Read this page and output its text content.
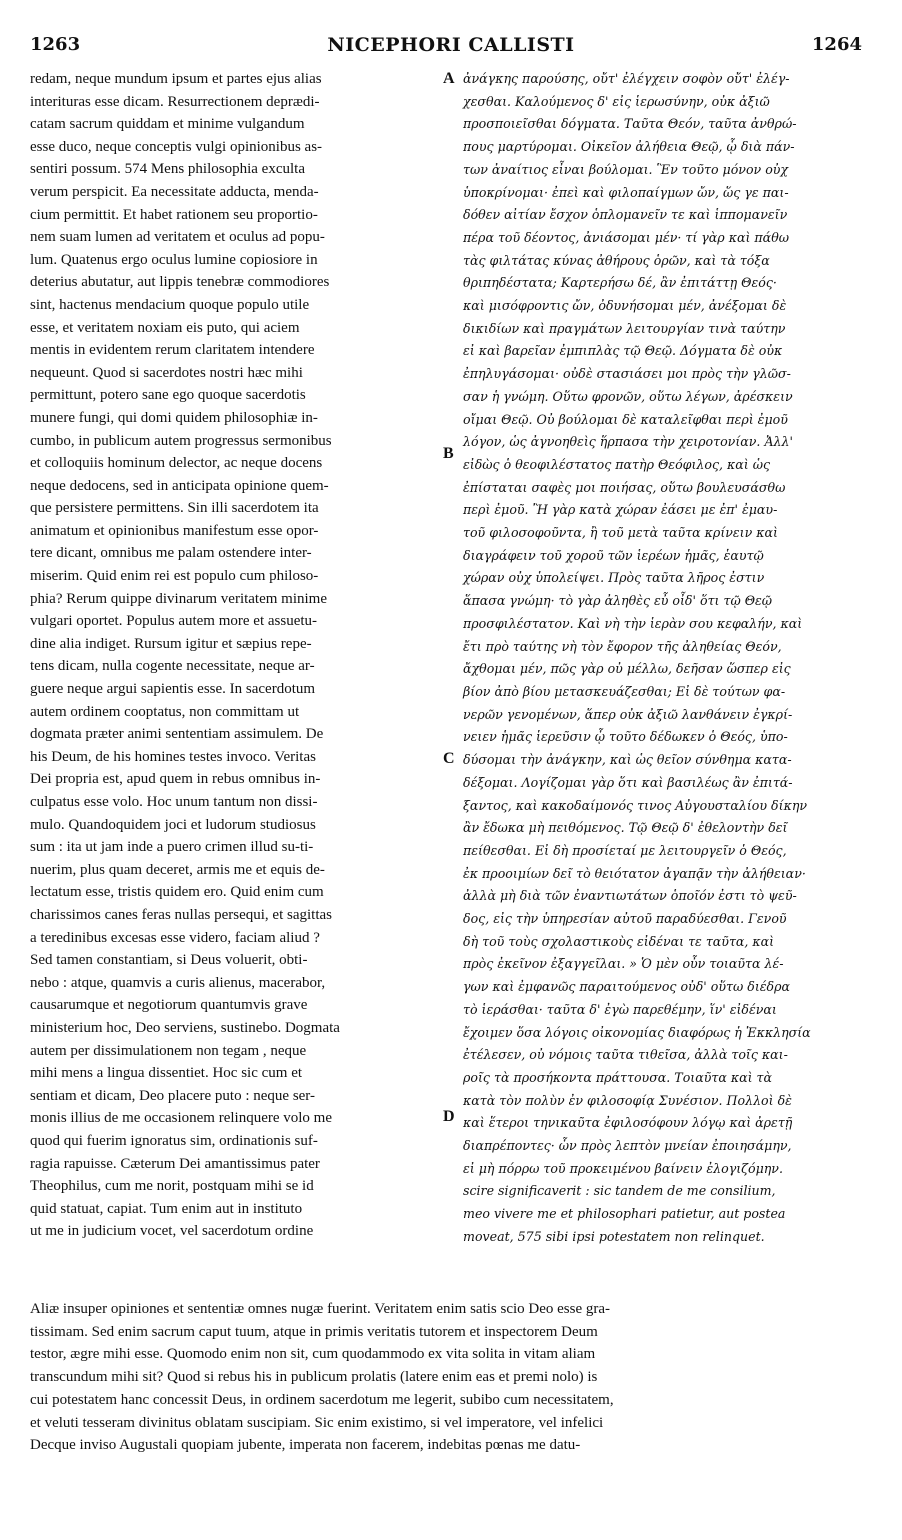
1263	NICEPHORI CALLISTI	1264
redam, neque mundum ipsum et partes ejus alias
interituras esse dicam. Resurrectionem deprædi-
catam sacrum quiddam et minime vulgandum
esse duco, neque conceptis vulgi opinionibus as-
sentiri possum. 574 Mens philosophia exculta
verum perspicit. Ea necessitate adducta, menda-
cium permittit. Et habet rationem seu proportio-
nem suam lumen ad veritatem et oculus ad popu-
lum. Quatenus ergo oculus lumine copiosiore in
deterius abutatur, aut lippis tenebræ commodiores
sint, hactenus mendacium quoque populo utile
esse, et veritatem noxiam eis puto, qui aciem
mentis in evidentem rerum claritatem intendere
nequeunt. Quod si sacerdotes nostri hæc mihi
permittunt, potero sane ego quoque sacerdotis
munere fungi, qui domi quidem philosophiæ in-
cumbo, in publicum autem progressus sermonibus
et colloquiis hominum delector, ac neque docens
neque dedocens, sed in anticipata opinione quem-
que persistere permittens. Sin illi sacerdotem ita
animatum et opinionibus manifestum esse opor-
tere dicant, omnibus me palam ostendere inter-
miserim. Quid enim rei est populo cum philoso-
phia? Rerum quippe divinarum veritatem minime
vulgari oportet. Populus autem more et assuetu-
dine alia indiget. Rursum igitur et sæpius repe-
tens dicam, nulla cogente necessitate, neque ar-
guere neque argui sapientis esse. In sacerdotum
autem ordinem cooptatus, non committam ut
dogmata præter animi sententiam assimulem. De
his Deum, de his homines testes invoco. Veritas
Dei propria est, apud quem in rebus omnibus in-
culpatus esse volo. Hoc unum tantum non dissi-
mulo. Quandoquidem joci et ludorum studiosus
sum : ita ut jam inde a puero crimen illud su-ti-
nuerim, plus quam deceret, armis me et equis de-
lectatum esse, tristis quidem ero. Quid enim cum
charissimos canes feras nullas persequi, et sagittas
a teredinibus excesas esse videro, faciam aliud ?
Sed tamen constantiam, si Deus voluerit, obti-
nebo : atque, quamvis a curis alienus, macerabor,
causarumque et negotiorum quantumvis grave
ministerium hoc, Deo serviens, sustinebo. Dogmata
autem per dissimulationem non tegam , neque
mihi mens a lingua dissentiet. Hoc sic cum et
sentiam et dicam, Deo placere puto : neque ser-
monis illius de me occasionem relinquere volo me
quod qui fuerim ignoratus sim, ordinationis suf-
ragia rapuisse. Cæterum Dei amantissimus pater
Theophilus, cum me norit, postquam mihi se id
quid statuat, capiat. Tum enim aut in instituto
ut me in judicium vocet, vel sacerdotum ordine
ἀνάγκης παρούσης, οὔτ' ἐλέγχειν σοφὸν οὔτ' ἐλέγ-
χεσθαι. Καλούμενος δ' εἰς ἱερωσύνην, οὐκ ἀξιῶ
προσποιεῖσθαι δόγματα. Ταῦτα Θεόν, ταῦτα ἀνθρώ-
πους μαρτύρομαι. Οἰκεῖον ἀλήθεια Θεῷ, ᾧ διὰ πάν-
των ἀναίτιος εἶναι βούλομαι. Ἓν τοῦτο μόνον οὐχ
ὑποκρίνομαι· ἐπεὶ καὶ φιλοπαίγμων ὤν, ὥς γε παι-
δόθεν αἰτίαν ἔσχον ὁπλομανεῖν τε καὶ ἱππομανεῖν
πέρα τοῦ δέοντος, ἀνιάσομαι μέν· τί γὰρ καὶ πάθω
τὰς φιλτάτας κύνας ἀθήρους ὁρῶν, καὶ τὰ τόξα
θριπηδέστατα; Καρτερήσω δέ, ἂν ἐπιτάττῃ Θεός·
καὶ μισόφροντις ὤν, ὀδυνήσομαι μέν, ἀνέξομαι δὲ
δικιδίων καὶ πραγμάτων λειτουργίαν τινὰ ταύτην
εἰ καὶ βαρεῖαν ἐμπιπλὰς τῷ Θεῷ. Δόγματα δὲ οὐκ
ἐπηλυγάσομαι· οὐδὲ στασιάσει μοι πρὸς τὴν γλῶσ-
σαν ἡ γνώμη. Οὕτω φρονῶν, οὕτω λέγων, ἀρέσκειν
οἴμαι Θεῷ. Οὐ βούλομαι δὲ καταλεῖφθαι περὶ ἐμοῦ
λόγον, ὡς ἀγνοηθεὶς ἥρπασα τὴν χειροτονίαν. Ἀλλ'
εἰδὼς ὁ θεοφιλέστατος πατὴρ Θεόφιλος, καὶ ὡς
ἐπίσταται σαφὲς μοι ποιήσας, οὕτω βουλευσάσθω
περὶ ἐμοῦ. Ἢ γὰρ κατὰ χώραν ἐάσει με ἐπ' ἐμαυ-
τοῦ φιλοσοφοῦντα, ἢ τοῦ μετὰ ταῦτα κρίνειν καὶ
διαγράφειν τοῦ χοροῦ τῶν ἱερέων ἡμᾶς, ἑαυτῷ
χώραν οὐχ ὑπολείψει. Πρὸς ταῦτα λῆρος ἐστιν
ἅπασα γνώμη· τὸ γὰρ ἀληθὲς εὖ οἶδ' ὅτι τῷ Θεῷ
προσφιλέστατον. Καὶ νὴ τὴν ἱερὰν σου κεφαλήν, καὶ
ἔτι πρὸ ταύτης νὴ τὸν ἔφορον τῆς ἀληθείας Θεόν,
ἄχθομαι μέν, πῶς γὰρ οὐ μέλλω, δεῆσαν ὥσπερ εἰς
βίον ἀπὸ βίου μετασκευάζεσθαι; Εἰ δὲ τούτων φα-
νερῶν γενομένων, ἅπερ οὐκ ἀξιῶ λανθάνειν ἐγκρί-
νειεν ἡμᾶς ἱερεῦσιν ᾧ τοῦτο δέδωκεν ὁ Θεός, ὑπο-
δύσομαι τὴν ἀνάγκην, καὶ ὡς θεῖον σύνθημα κατα-
δέξομαι. Λογίζομαι γὰρ ὅτι καὶ βασιλέως ἂν ἐπιτά-
ξαντος, καὶ κακοδαίμονός τινος Αὐγουσταλίου δίκην
ἂν ἔδωκα μὴ πειθόμενος. Τῷ Θεῷ δ' ἐθελοντὴν δεῖ
πείθεσθαι. Εἰ δὴ προσίεταί με λειτουργεῖν ὁ Θεός,
ἐκ προοιμίων δεῖ τὸ θειότατον ἀγαπᾷν τὴν ἀλήθειαν·
ἀλλὰ μὴ διὰ τῶν ἐναντιωτάτων ὁποῖόν ἐστι τὸ ψεῦ-
δος, εἰς τὴν ὑπηρεσίαν αὐτοῦ παραδύεσθαι. Γενοῦ
δὴ τοῦ τοὺς σχολαστικοὺς εἰδέναι τε ταῦτα, καὶ
πρὸς ἐκεῖνον ἐξαγγεῖλαι. » Ὁ μὲν οὖν τοιαῦτα λέ-
γων καὶ ἐμφανῶς παραιτούμενος οὐδ' οὕτω διέδρα
τὸ ἱεράσθαι· ταῦτα δ' ἐγὼ παρεθέμην, ἵν' εἰδέναι
ἔχοιμεν ὅσα λόγοις οἰκονομίας διαφόρως ἡ Ἐκκλησία
ἐτέλεσεν, οὐ νόμοις ταῦτα τιθεῖσα, ἀλλὰ τοῖς και-
ροῖς τὰ προσήκοντα πράττουσα. Τοιαῦτα καὶ τὰ
κατὰ τὸν πολὺν ἐν φιλοσοφίᾳ Συνέσιον. Πολλοὶ δὲ
καὶ ἕτεροι τηνικαῦτα ἐφιλοσόφουν λόγῳ καὶ ἀρετῇ
διαπρέποντες· ὧν πρὸς λεπτὸν μνείαν ἐποιησάμην,
εἰ μὴ πόρρω τοῦ προκειμένου βαίνειν ἐλογιζόμην.
scire significaverit : sic tandem de me consilium,
meo vivere me et philosophari patietur, aut postea
moveat, 575 sibi ipsi potestatem non relinquet.
Aliæ insuper opiniones et sententiæ omnes nugæ fuerint. Veritatem enim satis scio Deo esse gra-
tissimam. Sed enim sacrum caput tuum, atque in primis veritatis tutorem et inspectorem Deum
testor, ægre mihi esse. Quomodo enim non sit, cum quodammodo ex vita solita in vitam aliam
transcundum mihi sit? Quod si rebus his in publicum prolatis (latere enim eas et premi nolo) is
cui potestatem hanc concessit Deus, in ordinem sacerdotum me legerit, subibo cum necessitatem,
et veluti tesseram divinitus oblatam suscipiam. Sic enim existimo, si vel imperatore, vel infelici
Decque inviso Augustali quopiam jubente, imperata non facerem, indebitas pœnas me datu-
A
B
C
D
